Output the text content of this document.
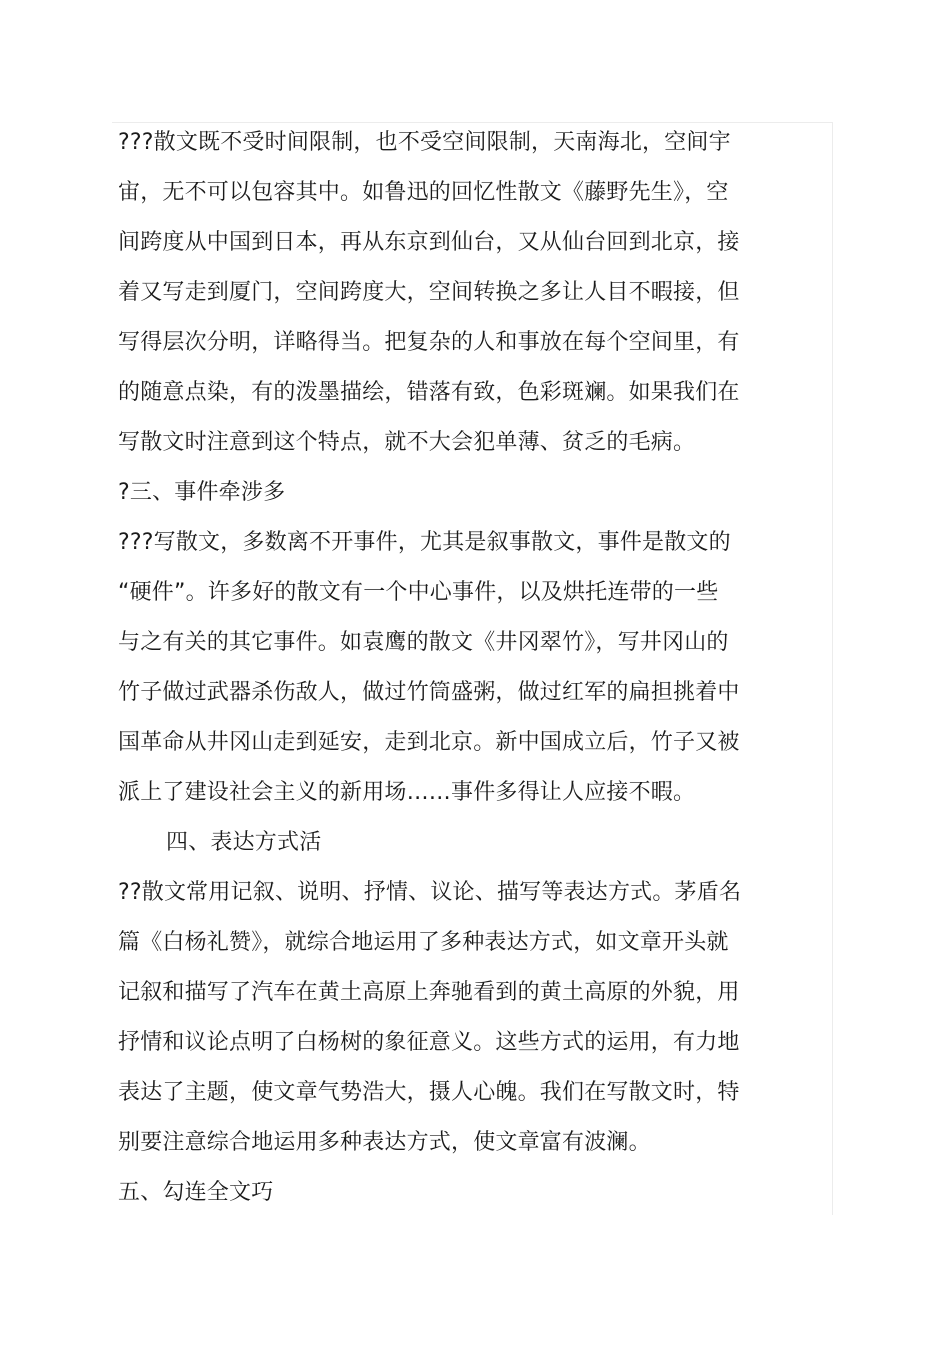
???散文既不受时间限制，也不受空间限制，天南海北，空间宇
宙，无不可以包容其中。如鲁迅的回忆性散文《藤野先生》，空
间跨度从中国到日本，再从东京到仙台，又从仙台回到北京，接
着又写走到厦门，空间跨度大，空间转换之多让人目不暇接，但
写得层次分明，详略得当。把复杂的人和事放在每个空间里，有
的随意点染，有的泼墨描绘，错落有致，色彩斑斓。如果我们在
写散文时注意到这个特点，就不大会犯单薄、贫乏的毛病。
?三、事件牵涉多
???写散文，多数离不开事件，尤其是叙事散文，事件是散文的
“硬件”。许多好的散文有一个中心事件，以及烘托连带的一些
与之有关的其它事件。如袁鹰的散文《井冈翠竹》，写井冈山的
竹子做过武器杀伤敌人，做过竹筒盛粥，做过红军的扁担挑着中
国革命从井冈山走到延安，走到北京。新中国成立后，竹子又被
派上了建设社会主义的新用场……事件多得让人应接不暇。
四、表达方式活
??散文常用记叙、说明、抒情、议论、描写等表达方式。茅盾名
篇《白杨礼赞》，就综合地运用了多种表达方式，如文章开头就
记叙和描写了汽车在黄土高原上奔驰看到的黄土高原的外貌，用
抒情和议论点明了白杨树的象征意义。这些方式的运用，有力地
表达了主题，使文章气势浩大，摄人心魄。我们在写散文时，特
别要注意综合地运用多种表达方式，使文章富有波澜。
五、勾连全文巧
